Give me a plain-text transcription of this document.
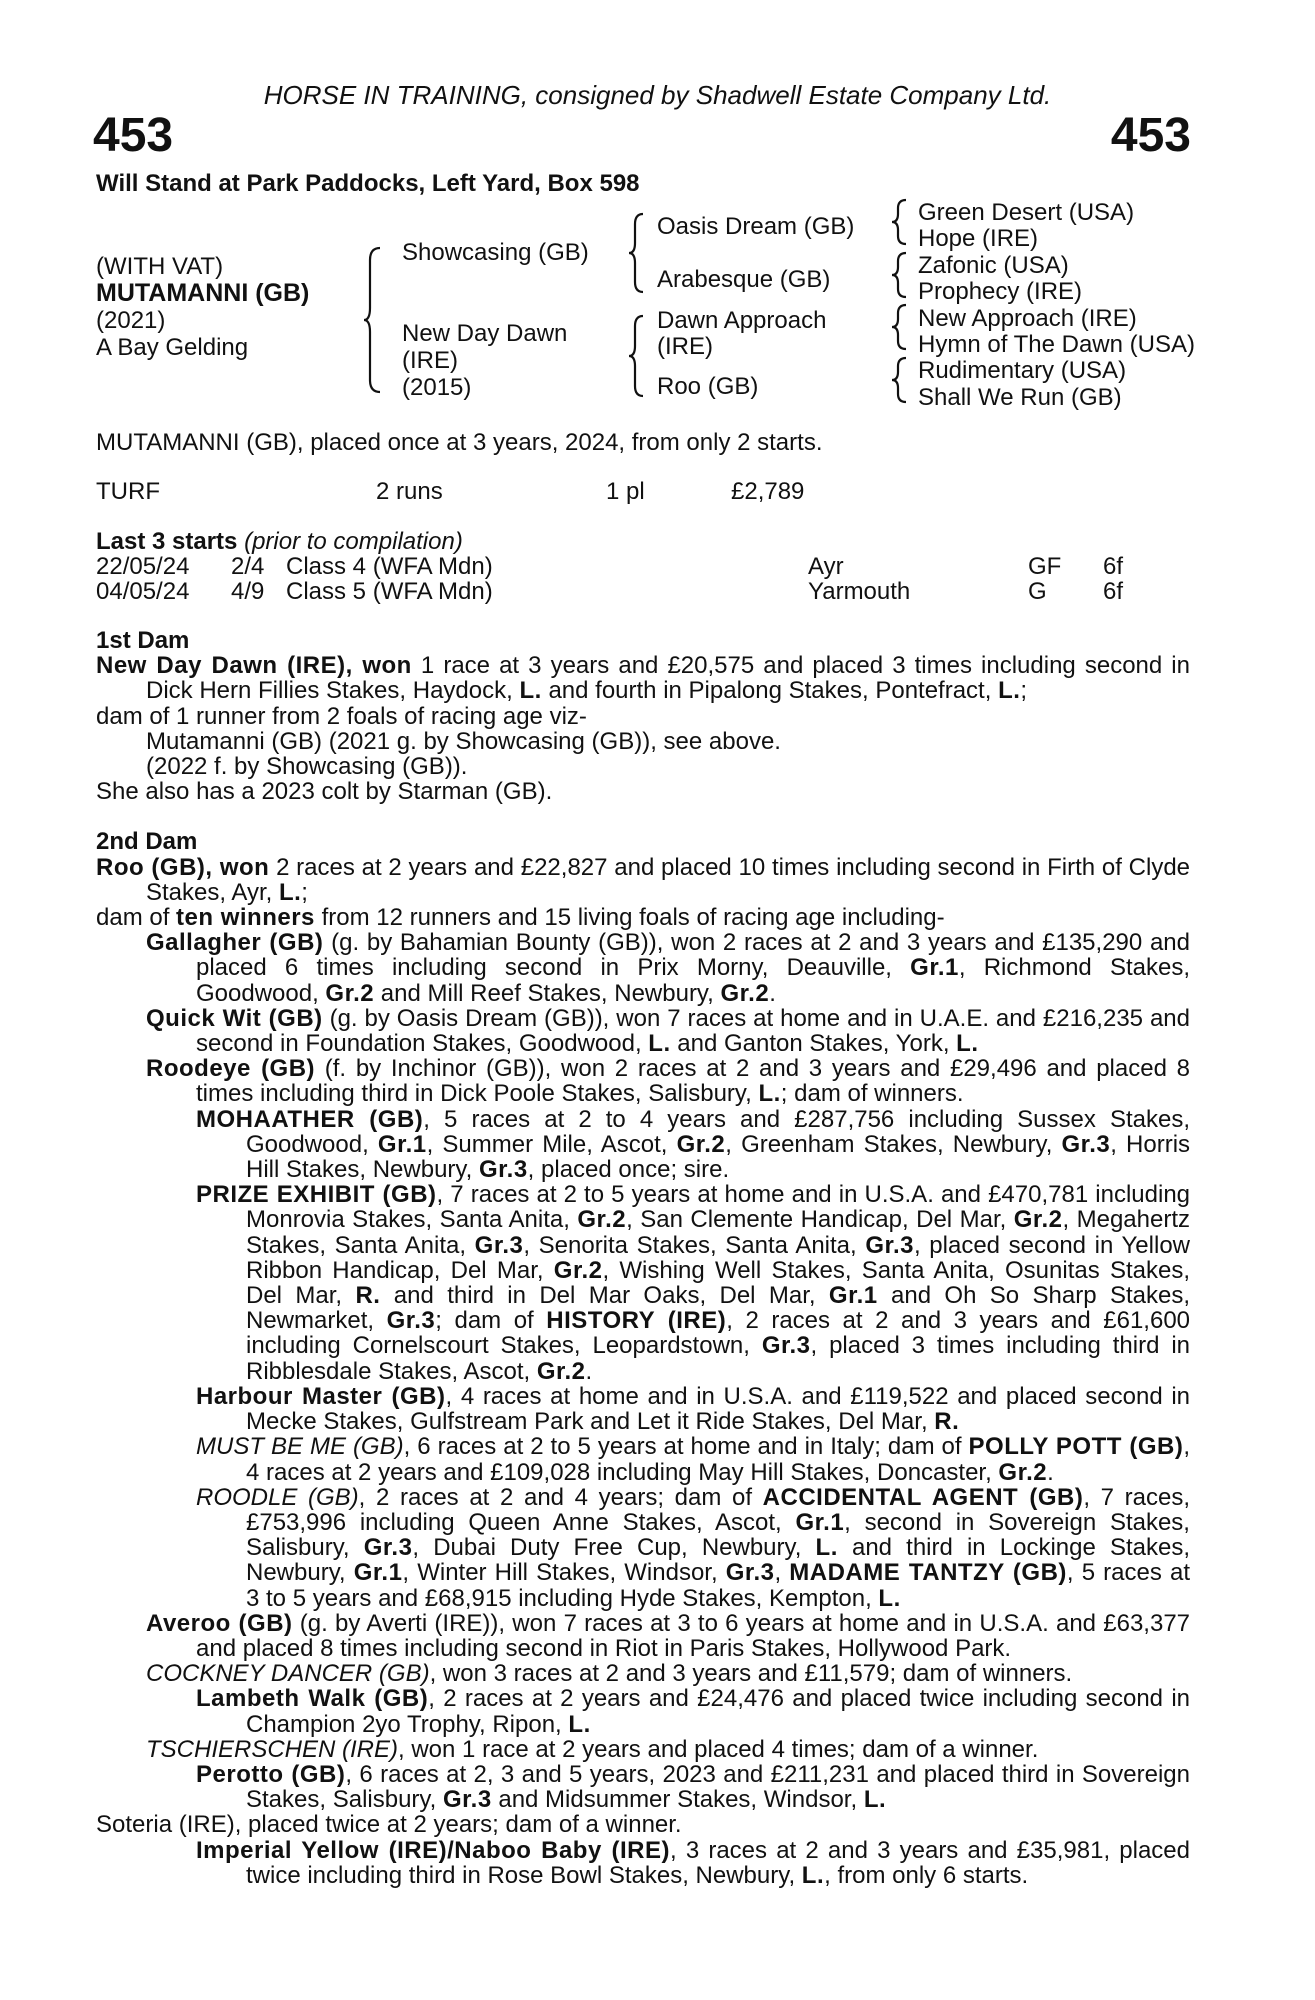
HORSE IN TRAINING, consigned by Shadwell Estate Company Ltd.
453	453
Will Stand at Park Paddocks, Left Yard, Box 598
(WITH VAT)
MUTAMANNI (GB)
(2021)
A Bay Gelding
Showcasing (GB)
New Day Dawn
(IRE)
(2015)
Oasis Dream (GB)
Arabesque (GB)
Dawn Approach
(IRE)
Roo (GB)
Green Desert (USA)
Hope (IRE)
Zafonic (USA)
Prophecy (IRE)
New Approach (IRE)
Hymn of The Dawn (USA)
Rudimentary (USA)
Shall We Run (GB)
MUTAMANNI (GB), placed once at 3 years, 2024, from only 2 starts.
TURF	2 runs	1 pl	£2,789
Last 3 starts (prior to compilation)
22/05/24 2/4 Class 4 (WFA Mdn)	Ayr	GF 6f
04/05/24 4/9 Class 5 (WFA Mdn)	Yarmouth	G 6f
1st Dam
New Day Dawn (IRE), won 1 race at 3 years and £20,575 and placed 3 times including second in Dick Hern Fillies Stakes, Haydock, L. and fourth in Pipalong Stakes, Pontefract, L.;
dam of 1 runner from 2 foals of racing age viz-
Mutamanni (GB) (2021 g. by Showcasing (GB)), see above.
(2022 f. by Showcasing (GB)).
She also has a 2023 colt by Starman (GB).
2nd Dam
Roo (GB), won 2 races at 2 years and £22,827 and placed 10 times including second in Firth of Clyde Stakes, Ayr, L.;
dam of ten winners from 12 runners and 15 living foals of racing age including-
Gallagher (GB) (g. by Bahamian Bounty (GB)), won 2 races at 2 and 3 years and £135,290 and placed 6 times including second in Prix Morny, Deauville, Gr.1, Richmond Stakes, Goodwood, Gr.2 and Mill Reef Stakes, Newbury, Gr.2.
Quick Wit (GB) (g. by Oasis Dream (GB)), won 7 races at home and in U.A.E. and £216,235 and second in Foundation Stakes, Goodwood, L. and Ganton Stakes, York, L.
Roodeye (GB) (f. by Inchinor (GB)), won 2 races at 2 and 3 years and £29,496 and placed 8 times including third in Dick Poole Stakes, Salisbury, L.; dam of winners.
MOHAATHER (GB), 5 races at 2 to 4 years and £287,756 including Sussex Stakes, Goodwood, Gr.1, Summer Mile, Ascot, Gr.2, Greenham Stakes, Newbury, Gr.3, Horris Hill Stakes, Newbury, Gr.3, placed once; sire.
PRIZE EXHIBIT (GB), 7 races at 2 to 5 years at home and in U.S.A. and £470,781 including Monrovia Stakes, Santa Anita, Gr.2, San Clemente Handicap, Del Mar, Gr.2, Megahertz Stakes, Santa Anita, Gr.3, Senorita Stakes, Santa Anita, Gr.3, placed second in Yellow Ribbon Handicap, Del Mar, Gr.2, Wishing Well Stakes, Santa Anita, Osunitas Stakes, Del Mar, R. and third in Del Mar Oaks, Del Mar, Gr.1 and Oh So Sharp Stakes, Newmarket, Gr.3; dam of HISTORY (IRE), 2 races at 2 and 3 years and £61,600 including Cornelscourt Stakes, Leopardstown, Gr.3, placed 3 times including third in Ribblesdale Stakes, Ascot, Gr.2.
Harbour Master (GB), 4 races at home and in U.S.A. and £119,522 and placed second in Mecke Stakes, Gulfstream Park and Let it Ride Stakes, Del Mar, R.
MUST BE ME (GB), 6 races at 2 to 5 years at home and in Italy; dam of POLLY POTT (GB), 4 races at 2 years and £109,028 including May Hill Stakes, Doncaster, Gr.2.
ROODLE (GB), 2 races at 2 and 4 years; dam of ACCIDENTAL AGENT (GB), 7 races, £753,996 including Queen Anne Stakes, Ascot, Gr.1, second in Sovereign Stakes, Salisbury, Gr.3, Dubai Duty Free Cup, Newbury, L. and third in Lockinge Stakes, Newbury, Gr.1, Winter Hill Stakes, Windsor, Gr.3, MADAME TANTZY (GB), 5 races at 3 to 5 years and £68,915 including Hyde Stakes, Kempton, L.
Averoo (GB) (g. by Averti (IRE)), won 7 races at 3 to 6 years at home and in U.S.A. and £63,377 and placed 8 times including second in Riot in Paris Stakes, Hollywood Park.
COCKNEY DANCER (GB), won 3 races at 2 and 3 years and £11,579; dam of winners.
Lambeth Walk (GB), 2 races at 2 years and £24,476 and placed twice including second in Champion 2yo Trophy, Ripon, L.
TSCHIERSCHEN (IRE), won 1 race at 2 years and placed 4 times; dam of a winner.
Perotto (GB), 6 races at 2, 3 and 5 years, 2023 and £211,231 and placed third in Sovereign Stakes, Salisbury, Gr.3 and Midsummer Stakes, Windsor, L.
Soteria (IRE), placed twice at 2 years; dam of a winner.
Imperial Yellow (IRE)/Naboo Baby (IRE), 3 races at 2 and 3 years and £35,981, placed twice including third in Rose Bowl Stakes, Newbury, L., from only 6 starts.
